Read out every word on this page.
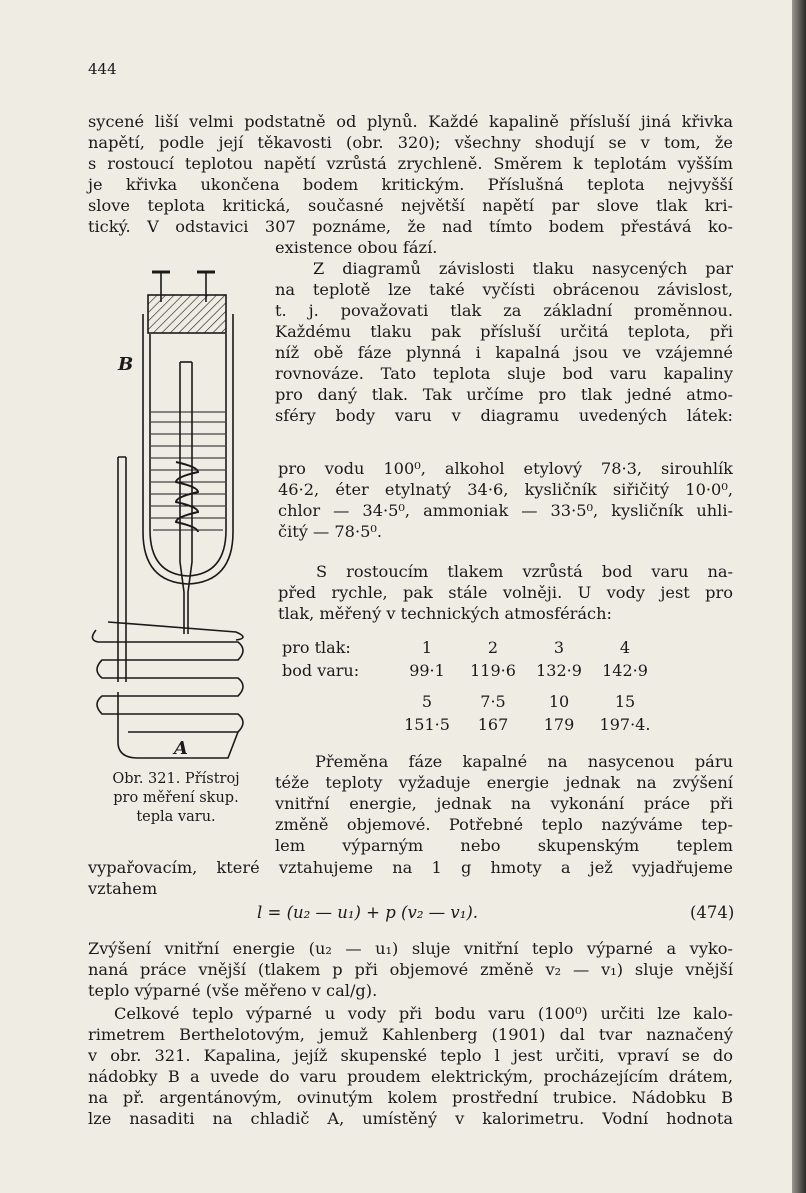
444
sycené liší velmi podstatně od plynů. Každé kapalině přísluší jiná křivka
napětí, podle její těkavosti (obr. 320); všechny shodují se v tom, že
s rostoucí teplotou napětí vzrůstá zrychleně. Směrem k teplotám vyšším
je křivka ukončena bodem kritickým. Příslušná teplota nejvyšší
slove teplota kritická, současné největší napětí par slove tlak kri-
tický. V odstavici 307 poznáme, že nad tímto bodem přestává ko-
existence obou fází.
Z diagramů závislosti tlaku nasycených par
na teplotě lze také vyčísti obrácenou závislost,
t. j. považovati tlak za základní proměnnou.
Každému tlaku pak přísluší určitá teplota, při
níž obě fáze plynná i kapalná jsou ve vzájemné
rovnováze. Tato teplota sluje bod varu kapaliny
pro daný tlak. Tak určíme pro tlak jedné atmo-
sféry body varu v diagramu uvedených látek:
pro vodu 100⁰, alkohol etylový 78·3, sirouhlík
46·2, éter etylnatý 34·6, kysličník siřičitý 10·0⁰,
chlor — 34·5⁰, ammoniak — 33·5⁰, kysličník uhli-
čitý — 78·5⁰.
S rostoucím tlakem vzrůstá bod varu na-
před rychle, pak stále volněji. U vody jest pro
tlak, měřený v technických atmosférách:
pro tlak:	1	2	3	4
bod varu:	99·1	119·6	132·9	142·9

	5	7·5	10	15
	151·5	167	179	197·4.
B
A
Obr. 321. Přístroj
pro měření skup.
tepla varu.
Přeměna fáze kapalné na nasycenou páru
téže teploty vyžaduje energie jednak na zvýšení
vnitřní energie, jednak na vykonání práce při
změně objemové. Potřebné teplo nazýváme tep-
lem výparným nebo skupenským teplem
vypařovacím, které vztahujeme na 1 g hmoty a jež vyjadřujeme
vztahem
l = (u₂ — u₁) + p (v₂ — v₁).	(474)
Zvýšení vnitřní energie (u₂ — u₁) sluje vnitřní teplo výparné a vyko-
naná práce vnější (tlakem p při objemové změně v₂ — v₁) sluje vnější
teplo výparné (vše měřeno v cal/g).
Celkové teplo výparné u vody při bodu varu (100⁰) určiti lze kalo-
rimetrem Berthelotovým, jemuž Kahlenberg (1901) dal tvar naznačený
v obr. 321. Kapalina, jejíž skupenské teplo l jest určiti, vpraví se do
nádobky B a uvede do varu proudem elektrickým, procházejícím drátem,
na př. argentánovým, ovinutým kolem prostřední trubice. Nádobku B
lze nasaditi na chladič A, umístěný v kalorimetru. Vodní hodnota
